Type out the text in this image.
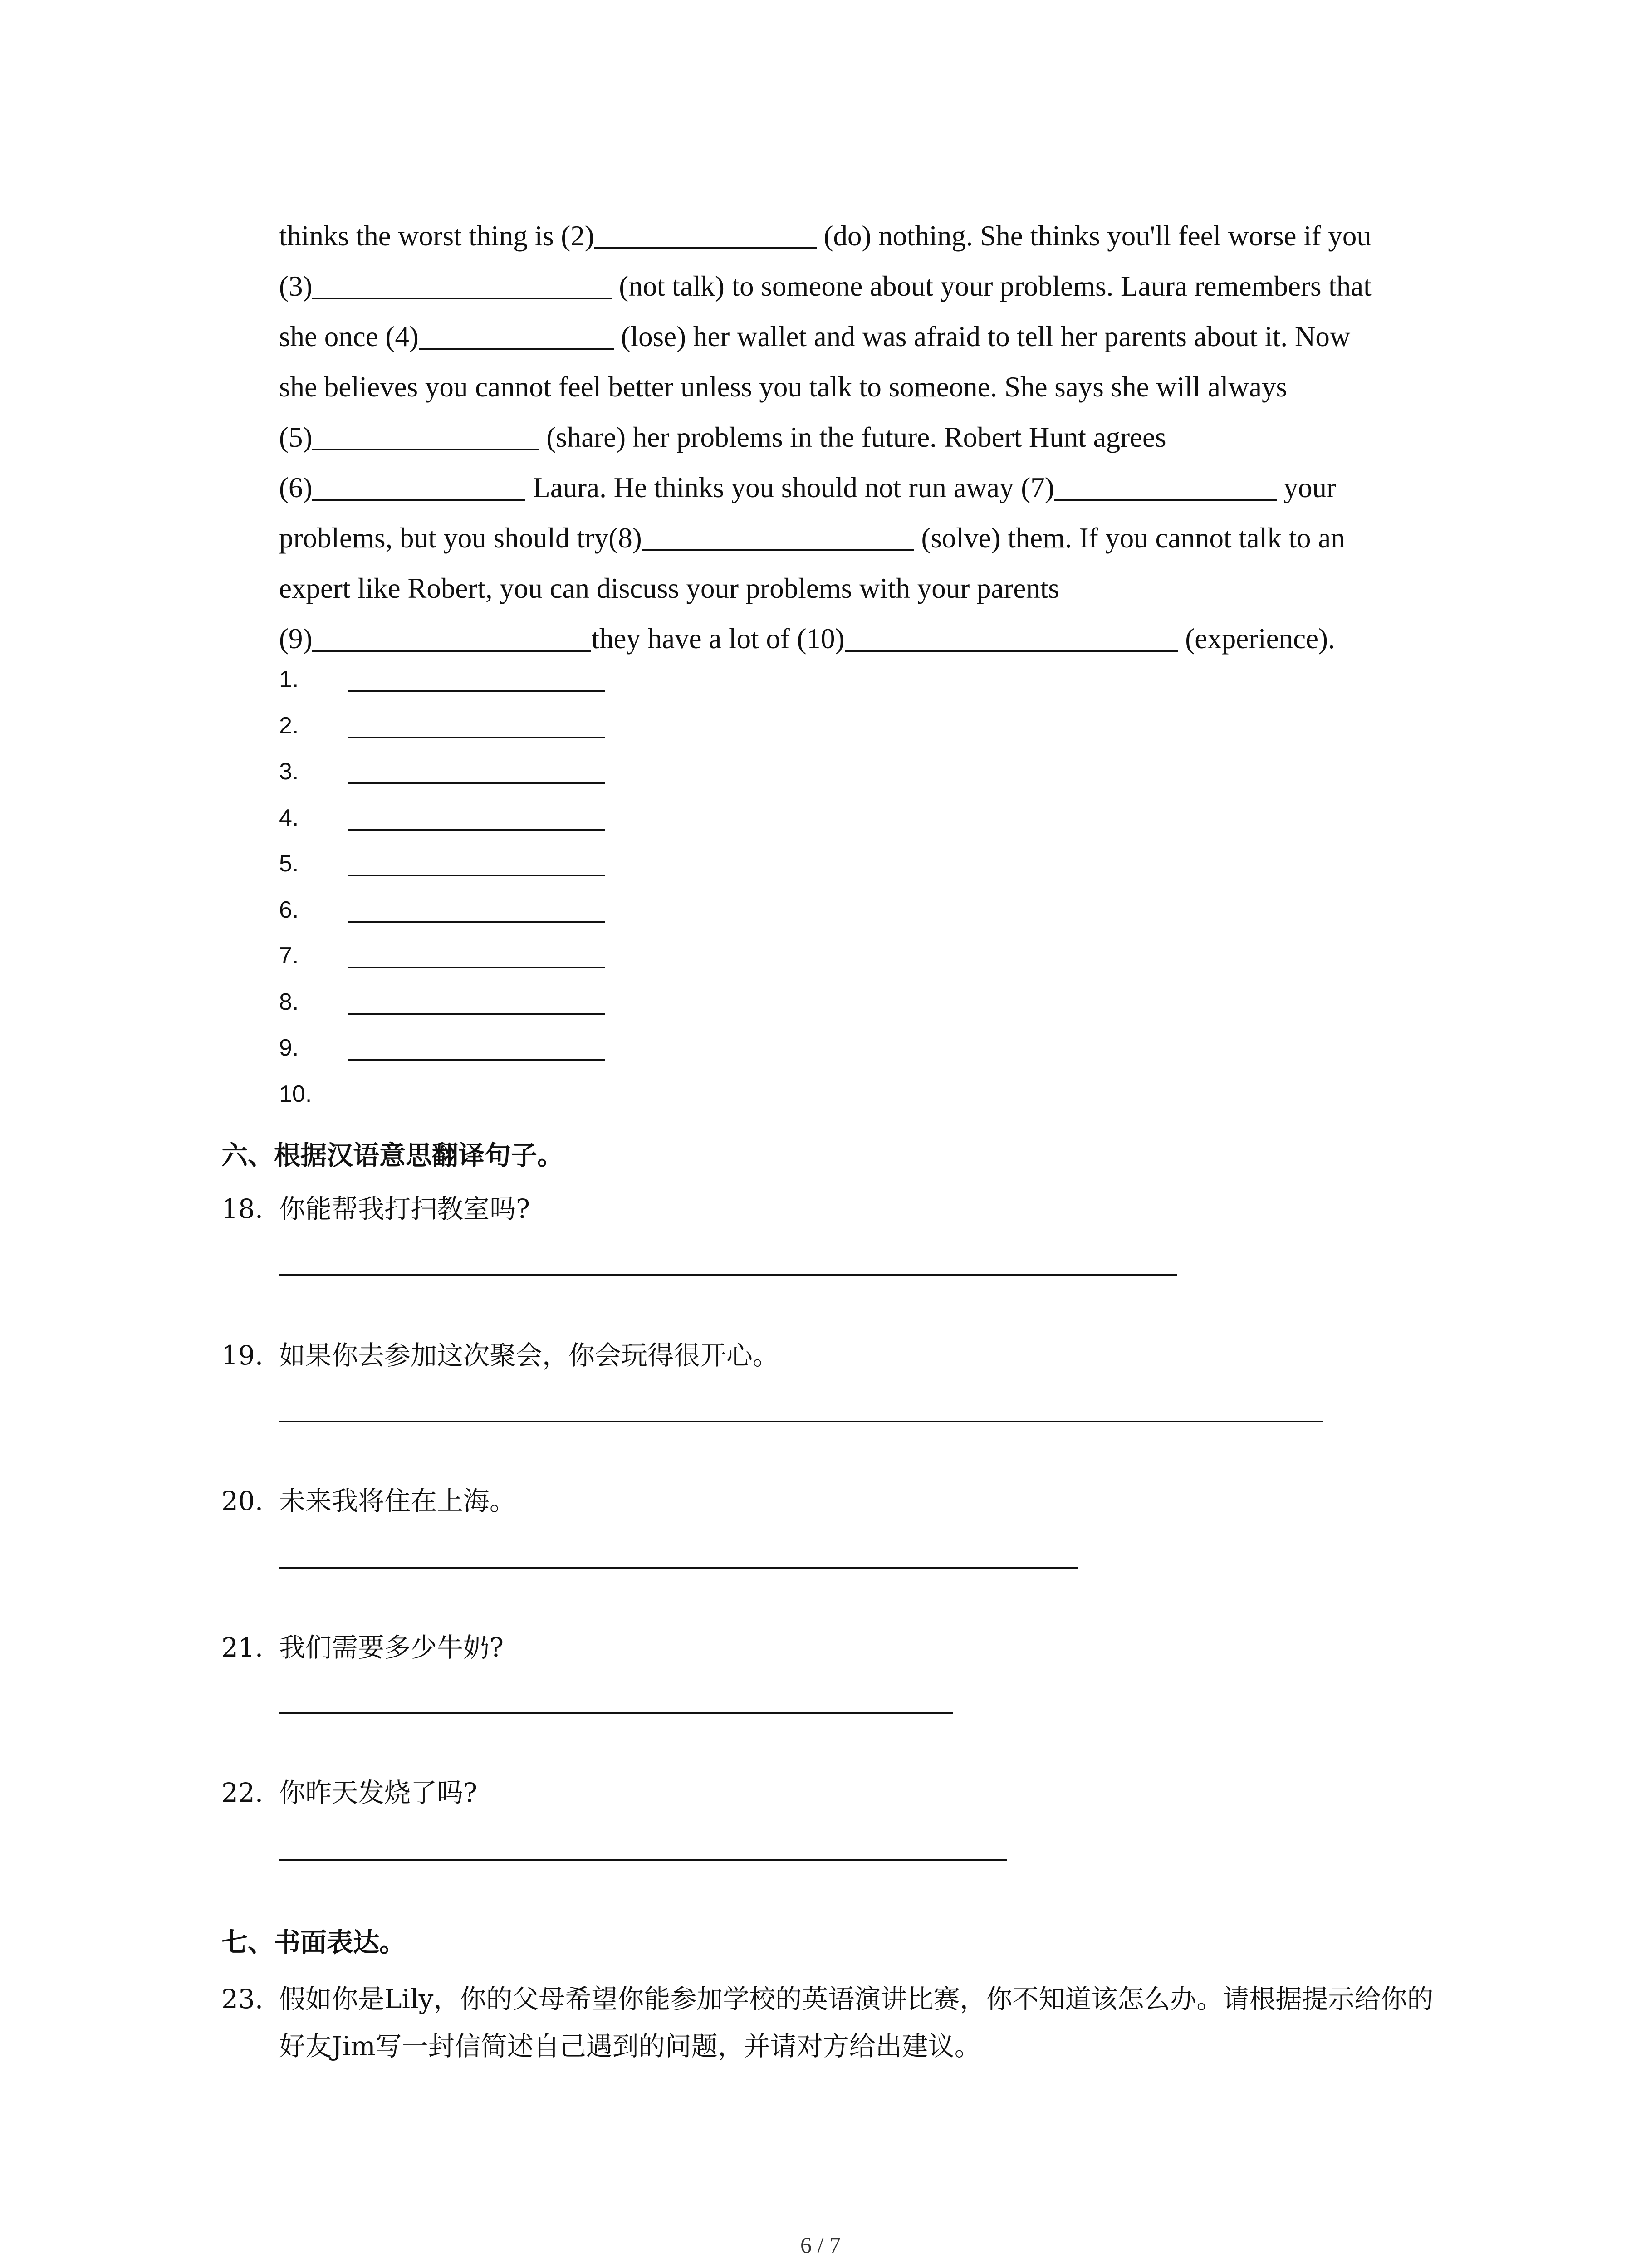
thinks the worst thing is (2)	(do) nothing. She thinks you'll feel worse if you
(3)	(not talk) to someone about your problems. Laura remembers that
she once (4)	(lose) her wallet and was afraid to tell her parents about it. Now
she believes you cannot feel better unless you talk to someone. She says she will always
(5)	(share) her problems in the future. Robert Hunt agrees
(6)	Laura. He thinks you should not run away (7)	your
problems, but you should try(8)	(solve) them. If you cannot talk to an
expert like Robert, you can discuss your problems with your parents
(9)	they have a lot of (10)	(experience).
1.
2.
3.
4.
5.
6.
7.
8.
9.
10.
六、根据汉语意思翻译句子。
18. 你能帮我打扫教室吗?
19. 如果你去参加这次聚会，你会玩得很开心。
20. 未来我将住在上海。
21. 我们需要多少牛奶?
22. 你昨天发烧了吗?
七、书面表达。
23. 假如你是Lily，你的父母希望你能参加学校的英语演讲比赛，你不知道该怎么办。请根据提示给你的好友Jim写一封信简述自己遇到的问题，并请对方给出建议。
6 / 7
